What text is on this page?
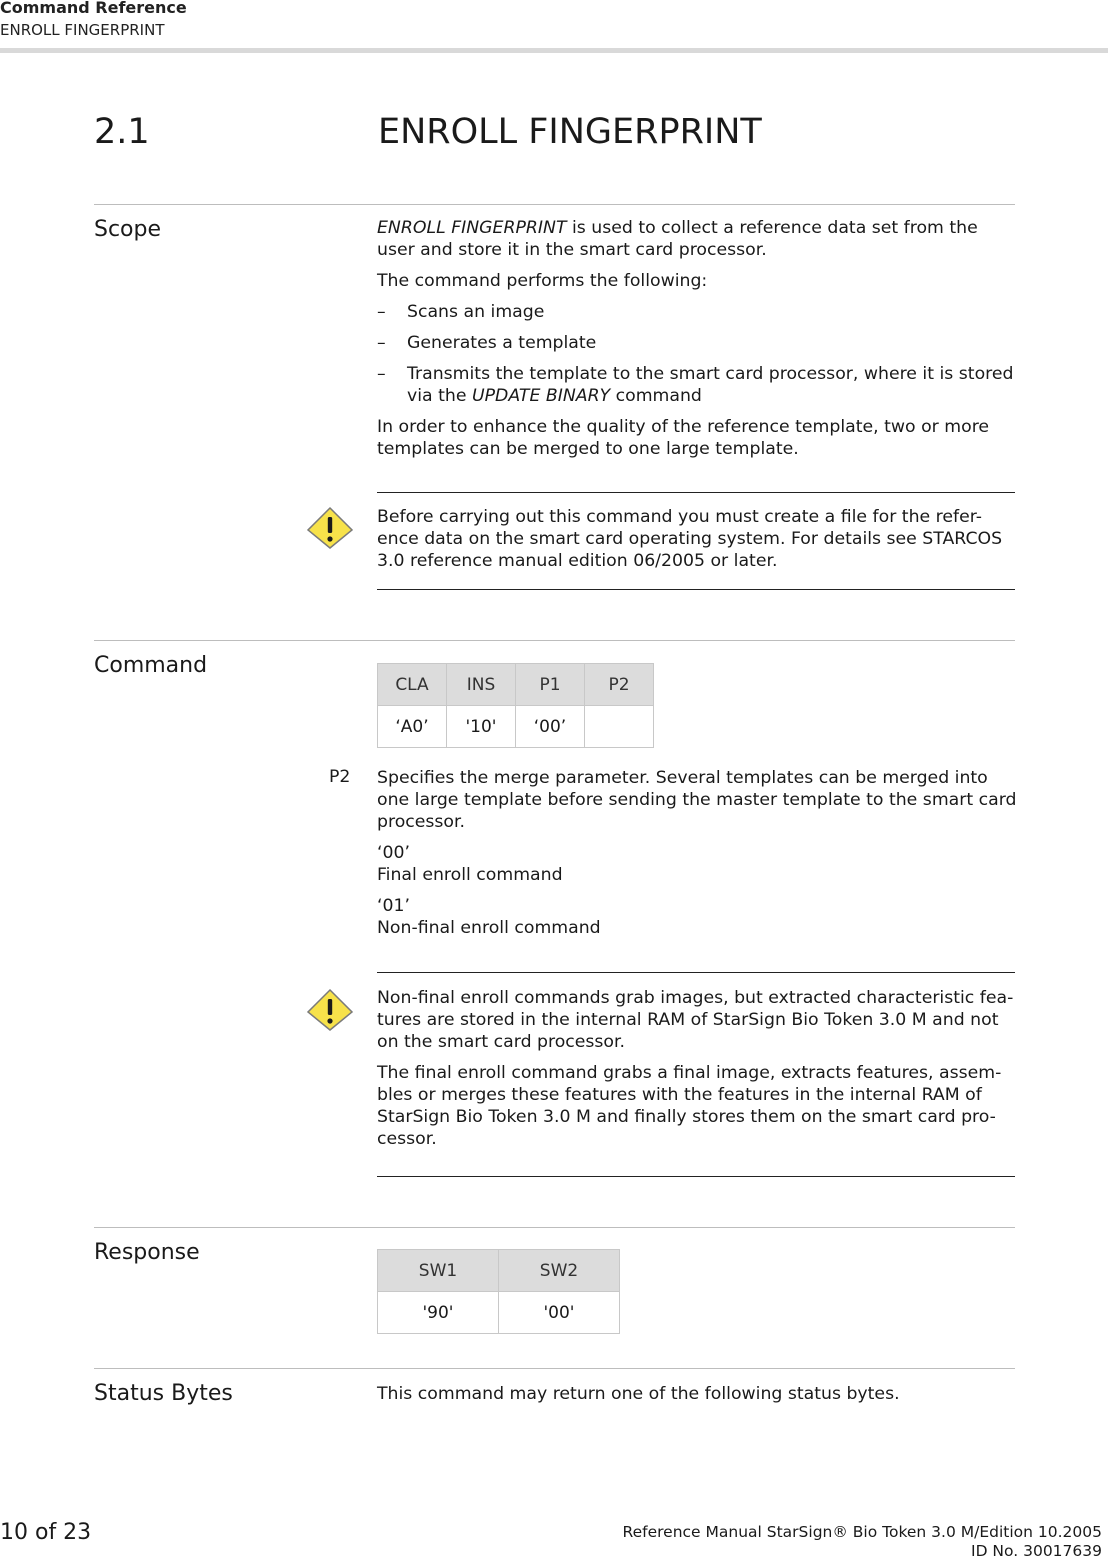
Command Reference
ENROLL FINGERPRINT
2.1	ENROLL FINGERPRINT
Scope	ENROLL FINGERPRINT is used to collect a reference data set from the user and store it in the smart card processor.

The command performs the following:

–	Scans an image
–	Generates a template
–	Transmits the template to the smart card processor, where it is stored via the UPDATE BINARY command

In order to enhance the quality of the reference template, two or more templates can be merged to one large template.

Before carrying out this command you must create a file for the refer-ence data on the smart card operating system. For details see STARCOS 3.0 reference manual edition 06/2005 or later.
Command
CLA	INS	P1	P2
‘A0’	'10'	‘00’	
P2 Specifies the merge parameter. Several templates can be merged into one large template before sending the master template to the smart card processor.

‘00’
Final enroll command

‘01’
Non-final enroll command

Non-final enroll commands grab images, but extracted characteristic fea-tures are stored in the internal RAM of StarSign Bio Token 3.0 M and not on the smart card processor.

The final enroll command grabs a final image, extracts features, assem-bles or merges these features with the features in the internal RAM of StarSign Bio Token 3.0 M and finally stores them on the smart card pro-cessor.

Response
SW1	SW2
'90'	'00'
Status Bytes	This command may return one of the following status bytes.
10 of 23	Reference Manual StarSign® Bio Token 3.0 M/Edition 10.2005
ID No. 30017639
